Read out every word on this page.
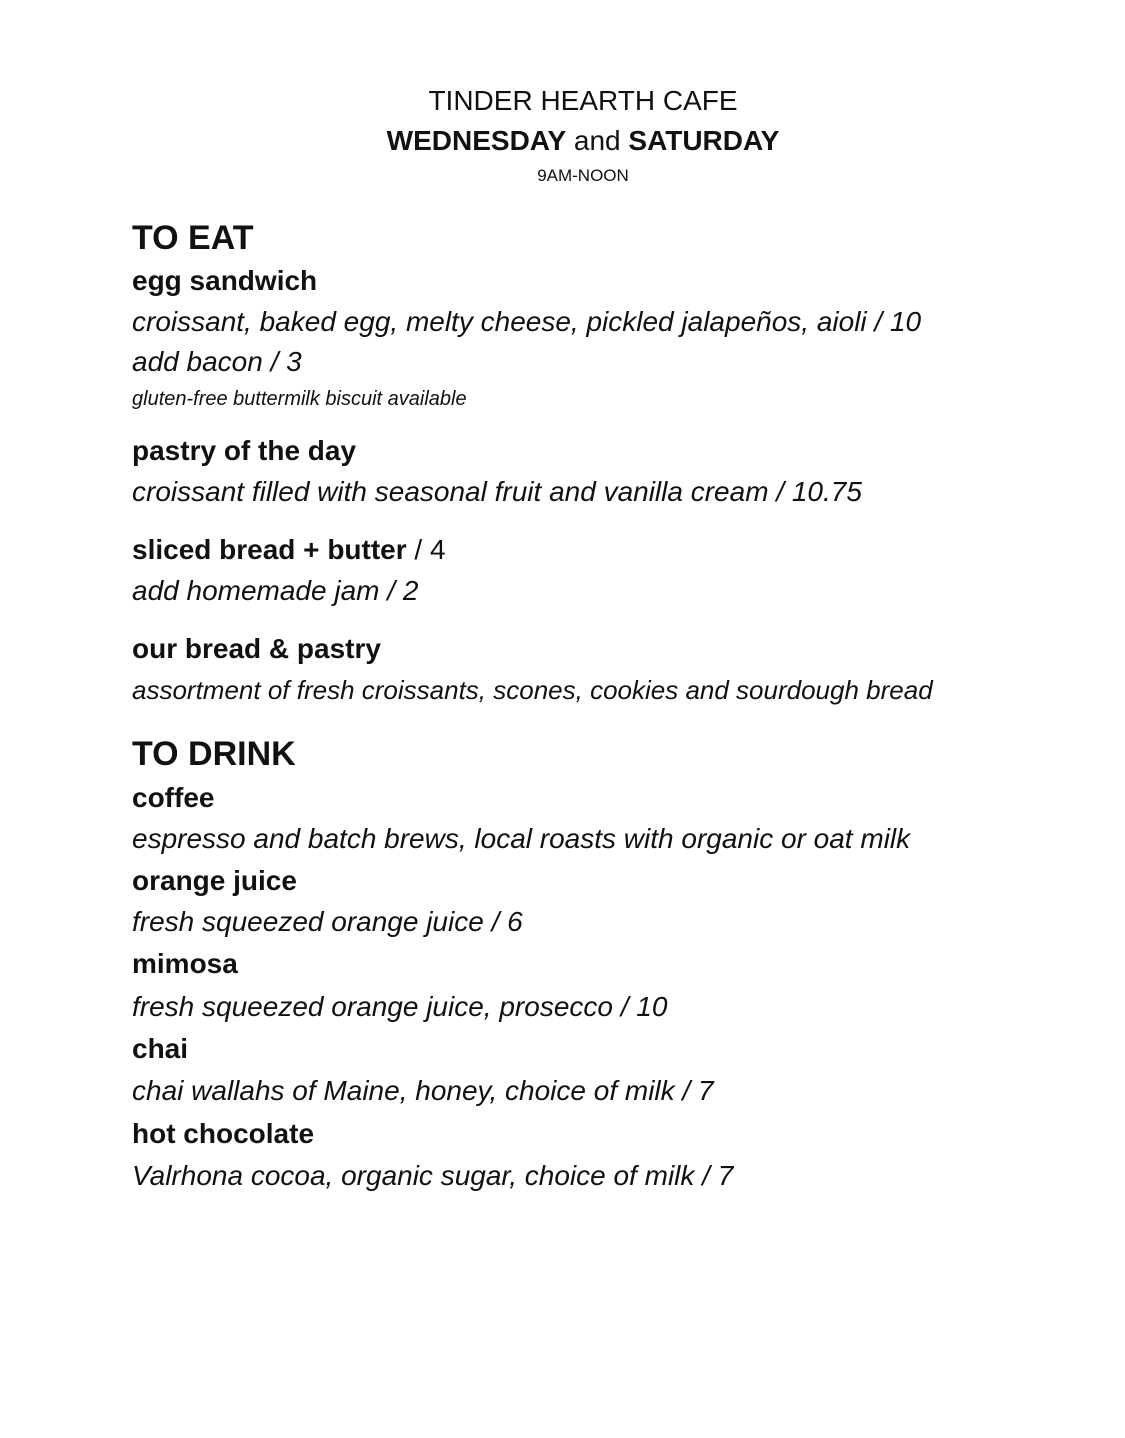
TINDER HEARTH CAFE
WEDNESDAY and SATURDAY
9AM-NOON
TO EAT
egg sandwich
croissant, baked egg, melty cheese, pickled jalapeños, aioli / 10
add bacon / 3
gluten-free buttermilk biscuit available
pastry of the day
croissant filled with seasonal fruit and vanilla cream / 10.75
sliced bread + butter / 4
add homemade jam / 2
our bread & pastry
assortment of fresh croissants, scones, cookies and sourdough bread
TO DRINK
coffee
espresso and batch brews, local roasts with organic or oat milk
orange juice
fresh squeezed orange juice / 6
mimosa
fresh squeezed orange juice, prosecco / 10
chai
chai wallahs of Maine, honey, choice of milk / 7
hot chocolate
Valrhona cocoa, organic sugar, choice of milk / 7
